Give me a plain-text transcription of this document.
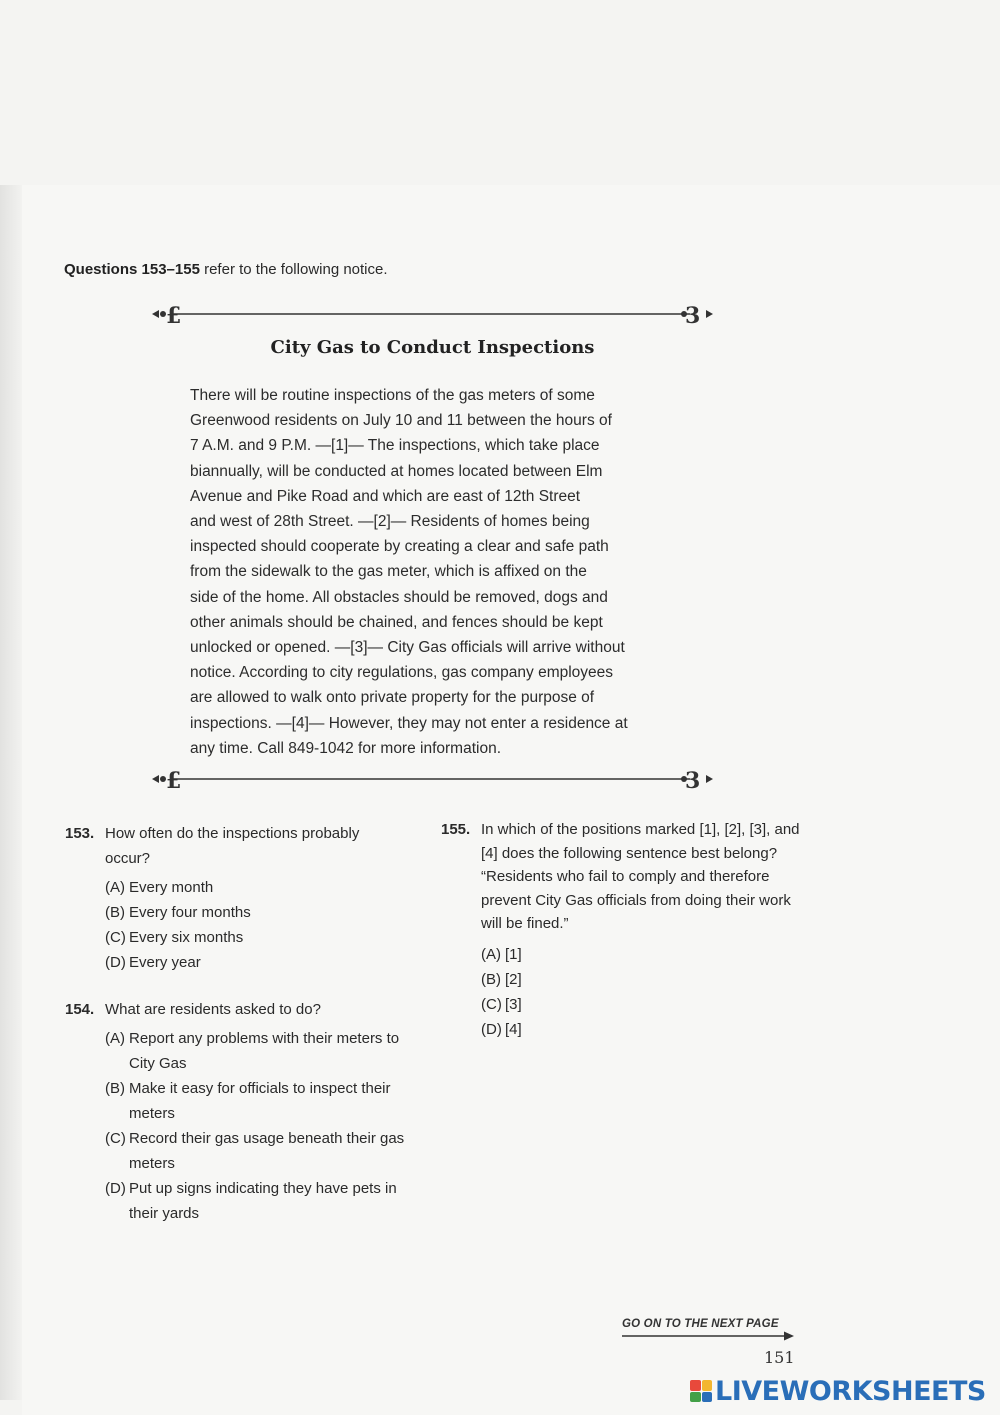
Questions 153–155 refer to the following notice.
£	3
City Gas to Conduct Inspections
There will be routine inspections of the gas meters of some
Greenwood residents on July 10 and 11 between the hours of
7 A.M. and 9 P.M. —[1]— The inspections, which take place
biannually, will be conducted at homes located between Elm
Avenue and Pike Road and which are east of 12th Street
and west of 28th Street. —[2]— Residents of homes being
inspected should cooperate by creating a clear and safe path
from the sidewalk to the gas meter, which is affixed on the
side of the home. All obstacles should be removed, dogs and
other animals should be chained, and fences should be kept
unlocked or opened. —[3]— City Gas officials will arrive without
notice. According to city regulations, gas company employees
are allowed to walk onto private property for the purpose of
inspections. —[4]— However, they may not enter a residence at
any time. Call 849-1042 for more information.
£	3
153. How often do the inspections probably occur?
(A) Every month
(B) Every four months
(C) Every six months
(D) Every year
154. What are residents asked to do?
(A) Report any problems with their meters to City Gas
(B) Make it easy for officials to inspect their meters
(C) Record their gas usage beneath their gas meters
(D) Put up signs indicating they have pets in their yards
155. In which of the positions marked [1], [2], [3], and [4] does the following sentence best belong?
“Residents who fail to comply and therefore prevent City Gas officials from doing their work will be fined.”
(A) [1]
(B) [2]
(C) [3]
(D) [4]
GO ON TO THE NEXT PAGE
151
LIVEWORKSHEETS
